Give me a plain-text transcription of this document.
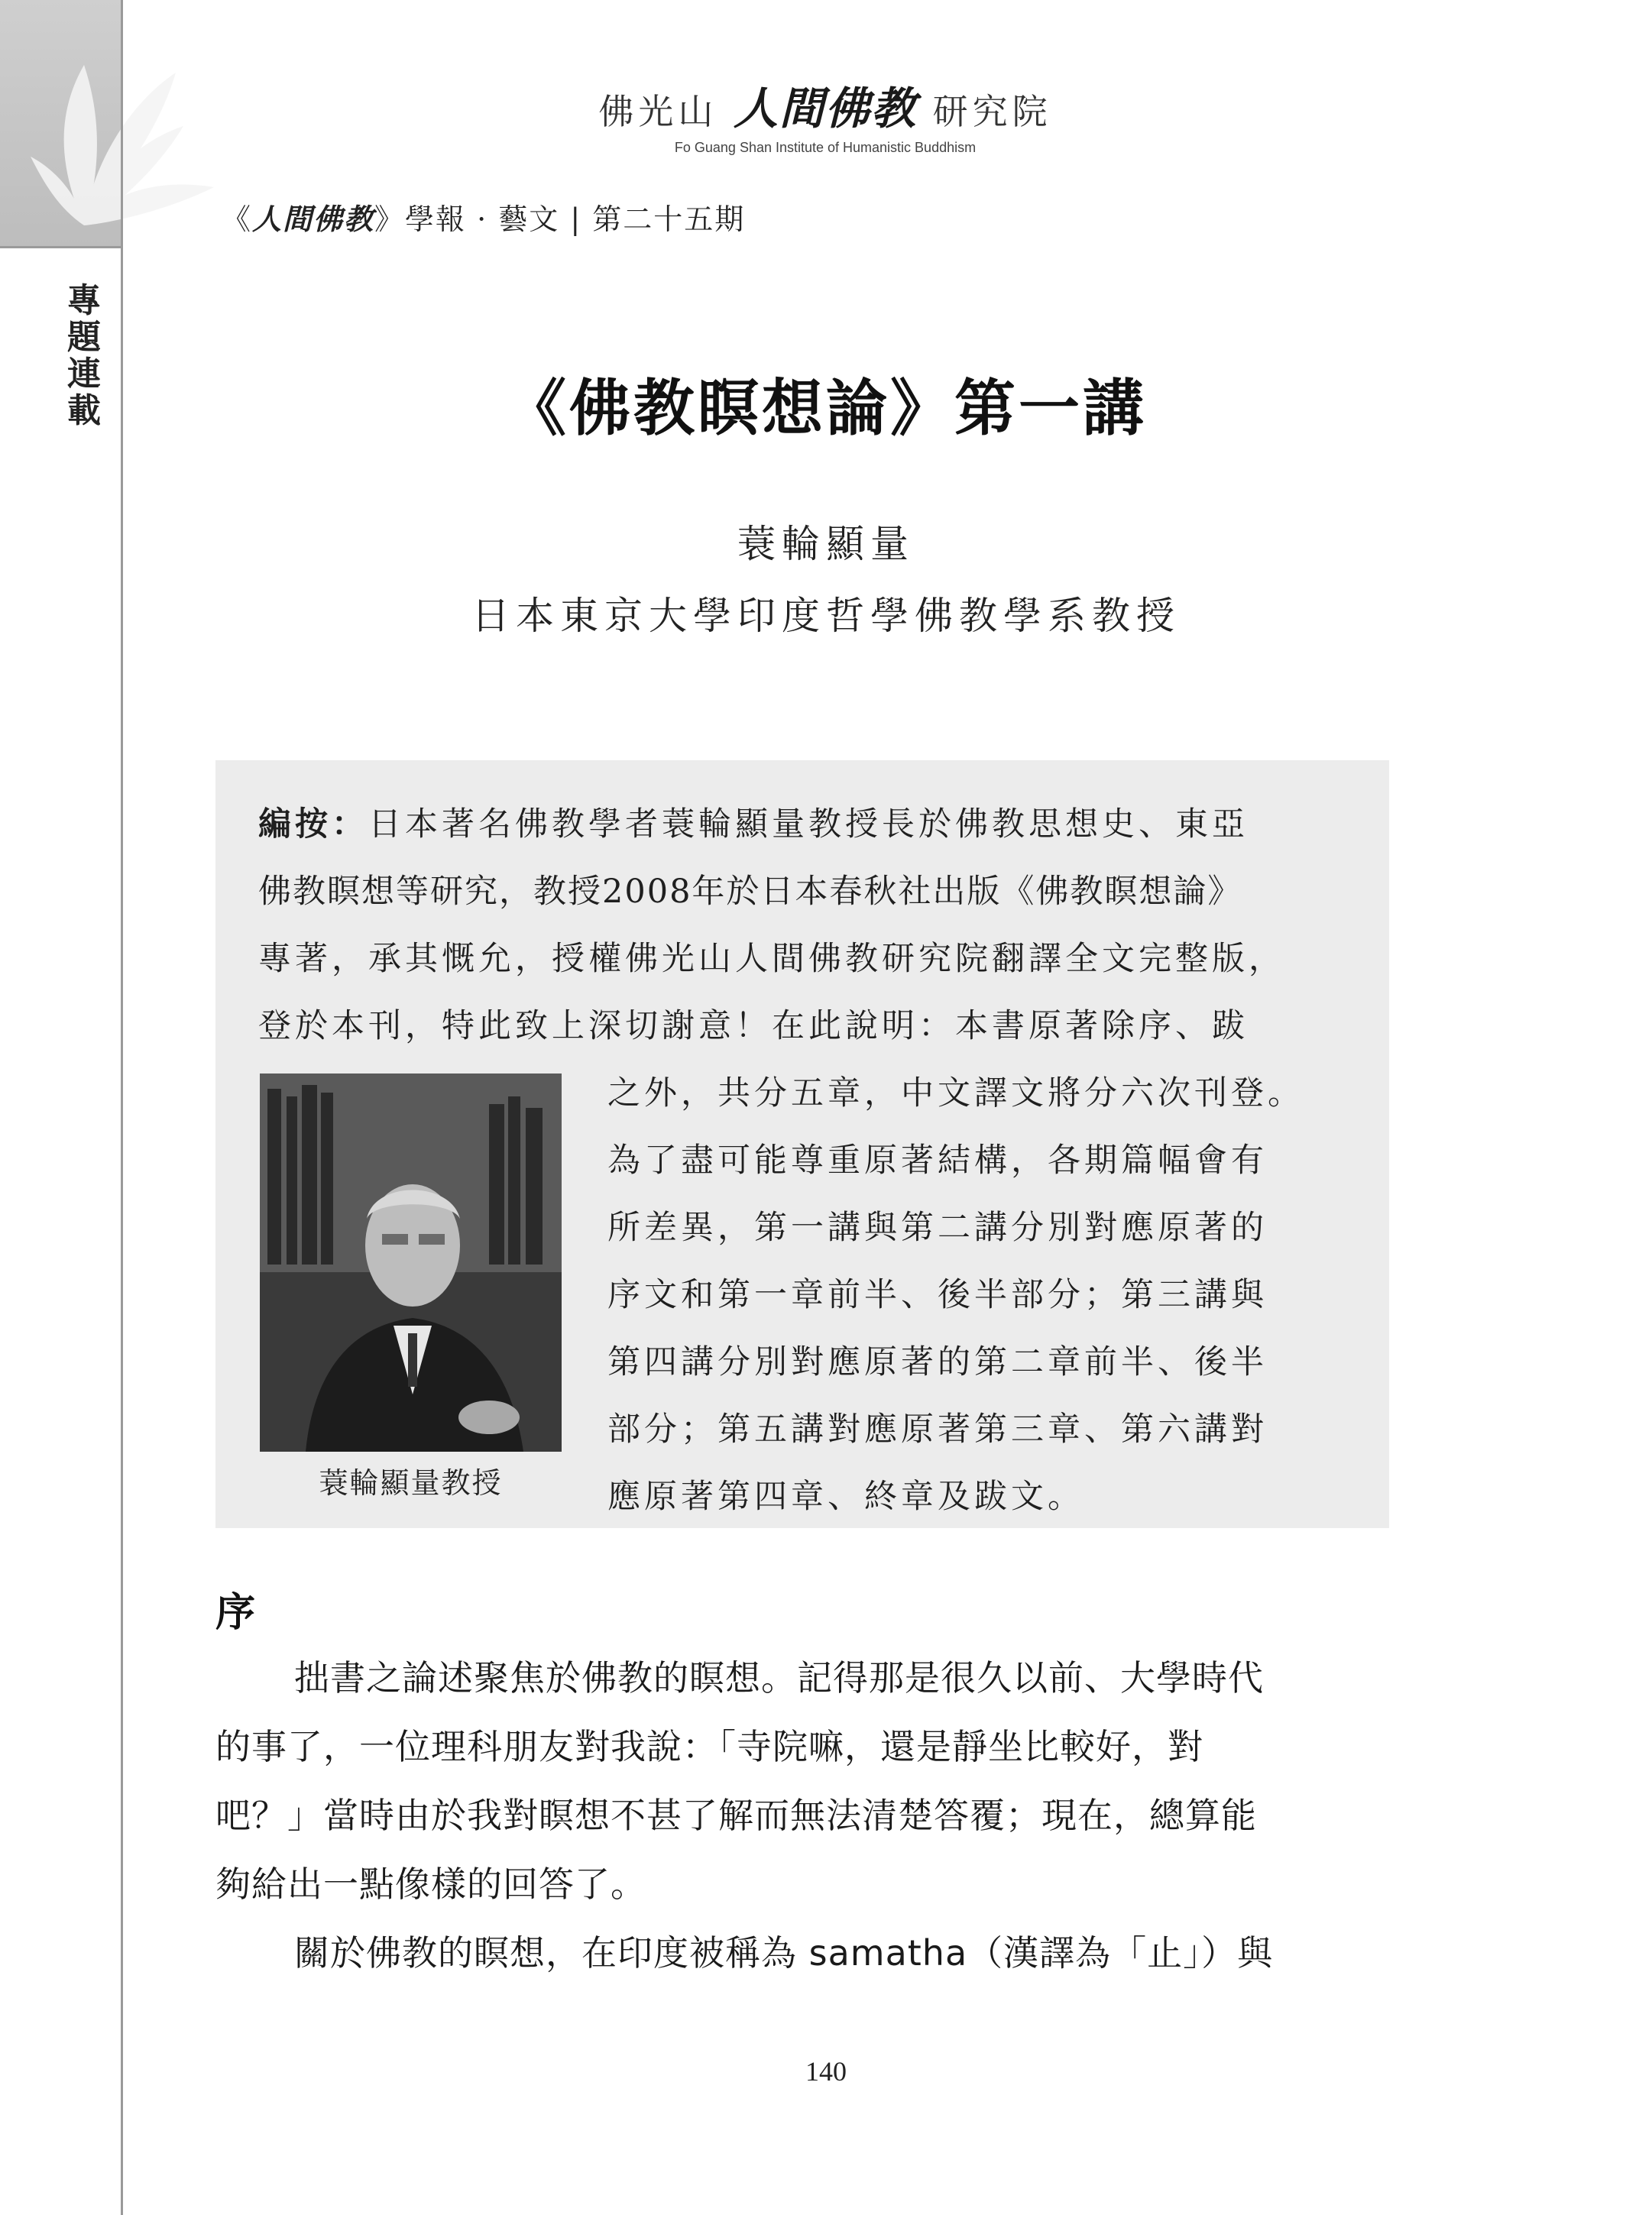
專
題
連
載
佛光山 人間佛教 研究院
Fo Guang Shan Institute of Humanistic Buddhism
《人間佛教》學報 · 藝文 | 第二十五期
《佛教瞑想論》第一講
蓑輪顯量
日本東京大學印度哲學佛教學系教授
編按：日本著名佛教學者蓑輪顯量教授長於佛教思想史、東亞
佛教瞑想等研究，教授2008年於日本春秋社出版《佛教瞑想論》
專著，承其慨允，授權佛光山人間佛教研究院翻譯全文完整版，
登於本刊，特此致上深切謝意！在此說明：本書原著除序、跋
之外，共分五章，中文譯文將分六次刊登。
為了盡可能尊重原著結構，各期篇幅會有
所差異，第一講與第二講分別對應原著的
序文和第一章前半、後半部分；第三講與
第四講分別對應原著的第二章前半、後半
部分；第五講對應原著第三章、第六講對
應原著第四章、終章及跋文。
蓑輪顯量教授
序
拙書之論述聚焦於佛教的瞑想。記得那是很久以前、大學時代
的事了，一位理科朋友對我說：「寺院嘛，還是靜坐比較好，對
吧？」當時由於我對瞑想不甚了解而無法清楚答覆；現在，總算能
夠給出一點像樣的回答了。
關於佛教的瞑想，在印度被稱為 samatha（漢譯為「止」）與
140
